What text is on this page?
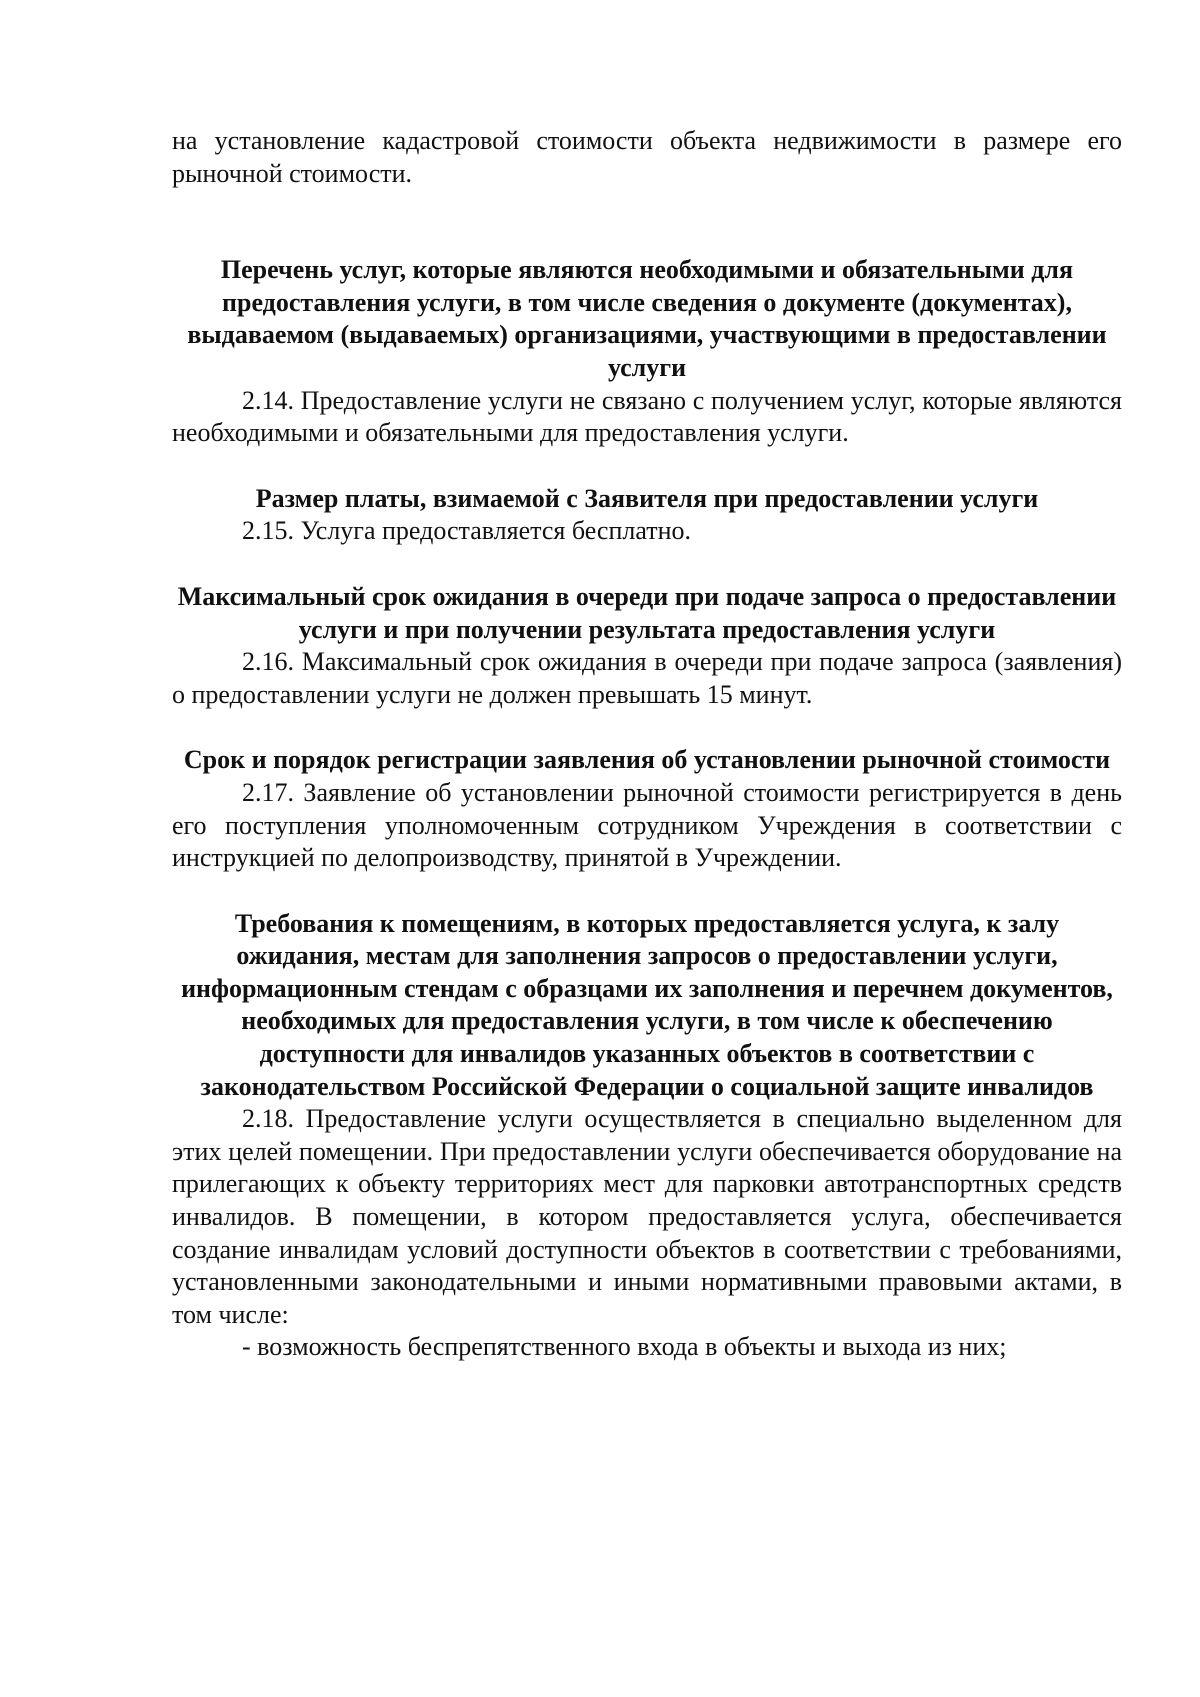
на установление кадастровой стоимости объекта недвижимости в размере его рыночной стоимости.

Перечень услуг, которые являются необходимыми и обязательными для предоставления услуги, в том числе сведения о документе (документах), выдаваемом (выдаваемых) организациями, участвующими в предоставлении услуги

2.14. Предоставление услуги не связано с получением услуг, которые являются необходимыми и обязательными для предоставления услуги.

Размер платы, взимаемой с Заявителя при предоставлении услуги

2.15. Услуга предоставляется бесплатно.

Максимальный срок ожидания в очереди при подаче запроса о предоставлении услуги и при получении результата предоставления услуги

2.16. Максимальный срок ожидания в очереди при подаче запроса (заявления) о предоставлении услуги не должен превышать 15 минут.

Срок и порядок регистрации заявления об установлении рыночной стоимости

2.17. Заявление об установлении рыночной стоимости регистрируется в день его поступления уполномоченным сотрудником Учреждения в соответствии с инструкцией по делопроизводству, принятой в Учреждении.

Требования к помещениям, в которых предоставляется услуга, к залу ожидания, местам для заполнения запросов о предоставлении услуги, информационным стендам с образцами их заполнения и перечнем документов, необходимых для предоставления услуги, в том числе к обеспечению доступности для инвалидов указанных объектов в соответствии с законодательством Российской Федерации о социальной защите инвалидов

2.18. Предоставление услуги осуществляется в специально выделенном для этих целей помещении. При предоставлении услуги обеспечивается оборудование на прилегающих к объекту территориях мест для парковки автотранспортных средств инвалидов. В помещении, в котором предоставляется услуга, обеспечивается создание инвалидам условий доступности объектов в соответствии с требованиями, установленными законодательными и иными нормативными правовыми актами, в том числе:

- возможность беспрепятственного входа в объекты и выхода из них;
